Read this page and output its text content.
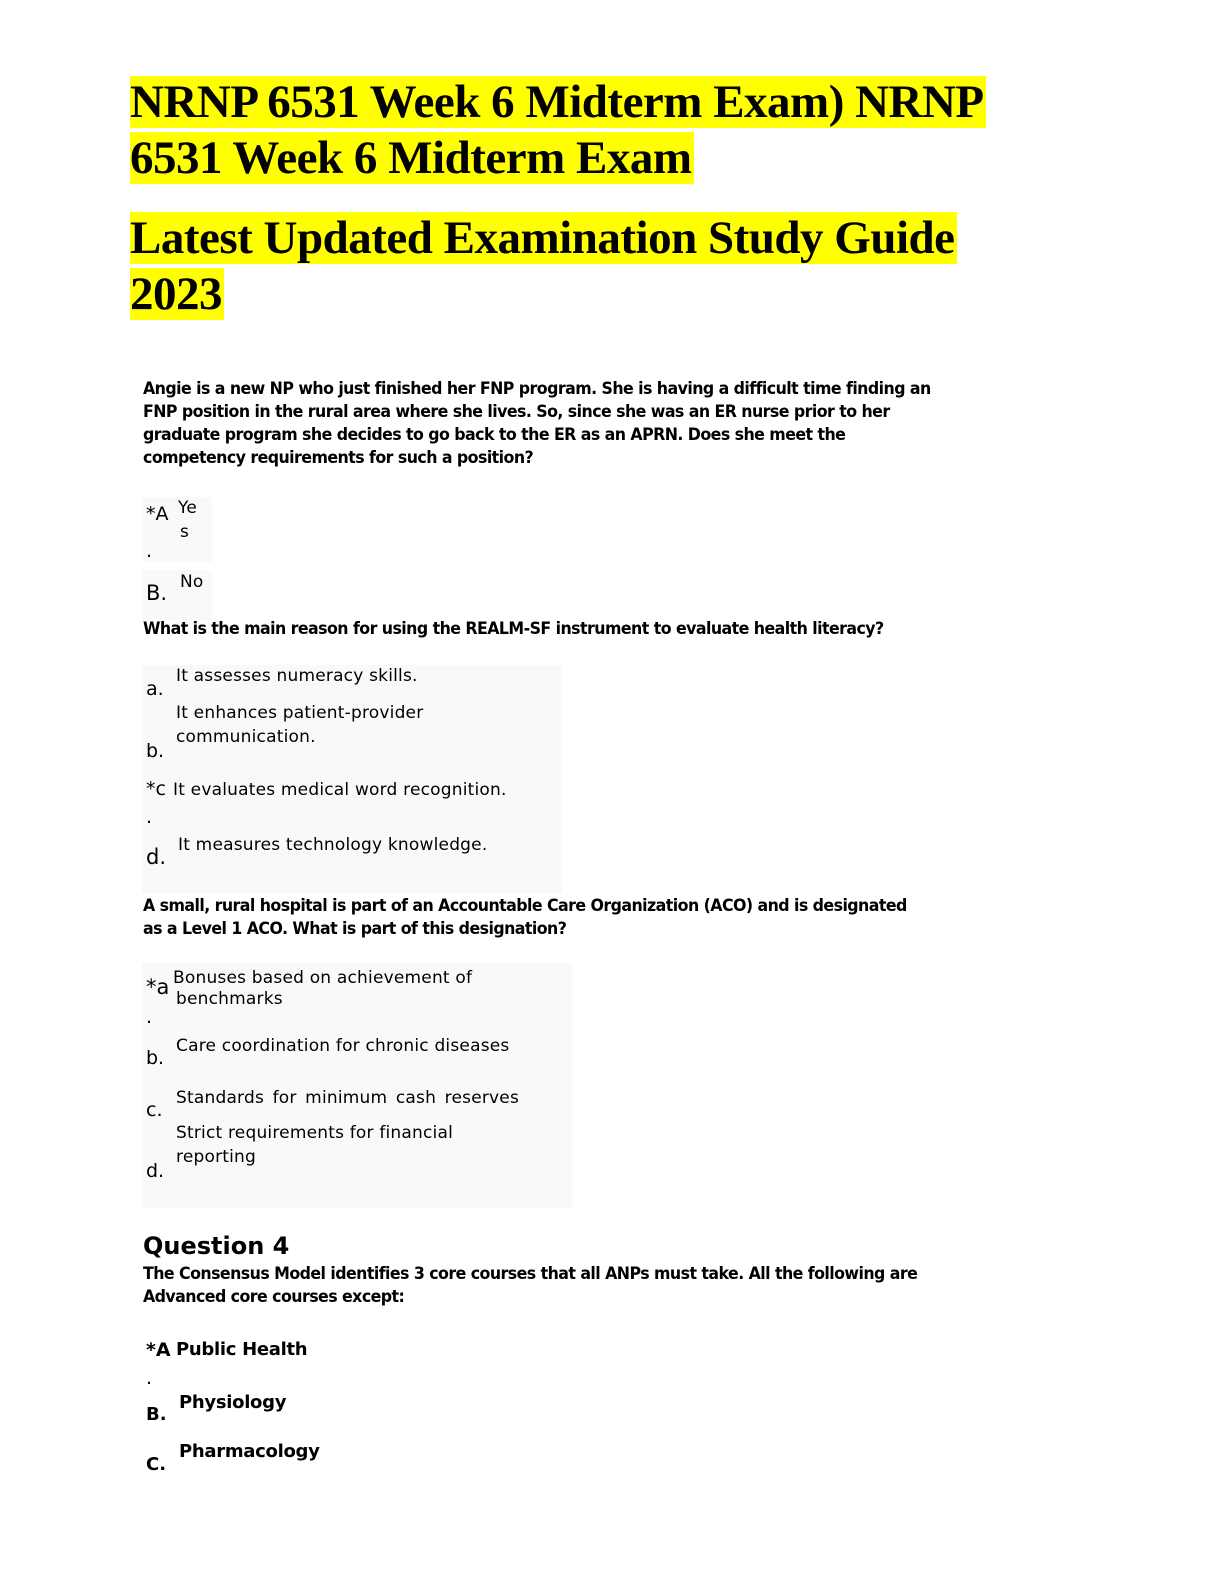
NRNP 6531 Week 6 Midterm Exam) NRNP
6531 Week 6 Midterm Exam
Latest Updated Examination Study Guide
2023
Angie is a new NP who just finished her FNP program. She is having a difficult time finding an
FNP position in the rural area where she lives. So, since she was an ER nurse prior to her
graduate program she decides to go back to the ER as an APRN. Does she meet the
competency requirements for such a position?
*A
.
Ye
s
B. No
What is the main reason for using the REALM-SF instrument to evaluate health literacy?
a.
It assesses numeracy skills.
b.
It enhances patient-provider
communication.
*c
.
It evaluates medical word recognition.
d. It measures technology knowledge.
A small, rural hospital is part of an Accountable Care Organization (ACO) and is designated
as a Level 1 ACO. What is part of this designation?
*a
.
Bonuses based on achievement of
benchmarks
b.
Care coordination for chronic diseases
c.
Standards for minimum cash reserves
d.
Strict requirements for financial
reporting
Question 4
The Consensus Model identifies 3 core courses that all ANPs must take. All the following are
Advanced core courses except:
*A
.
Public Health
B.
Physiology
C.
Pharmacology
